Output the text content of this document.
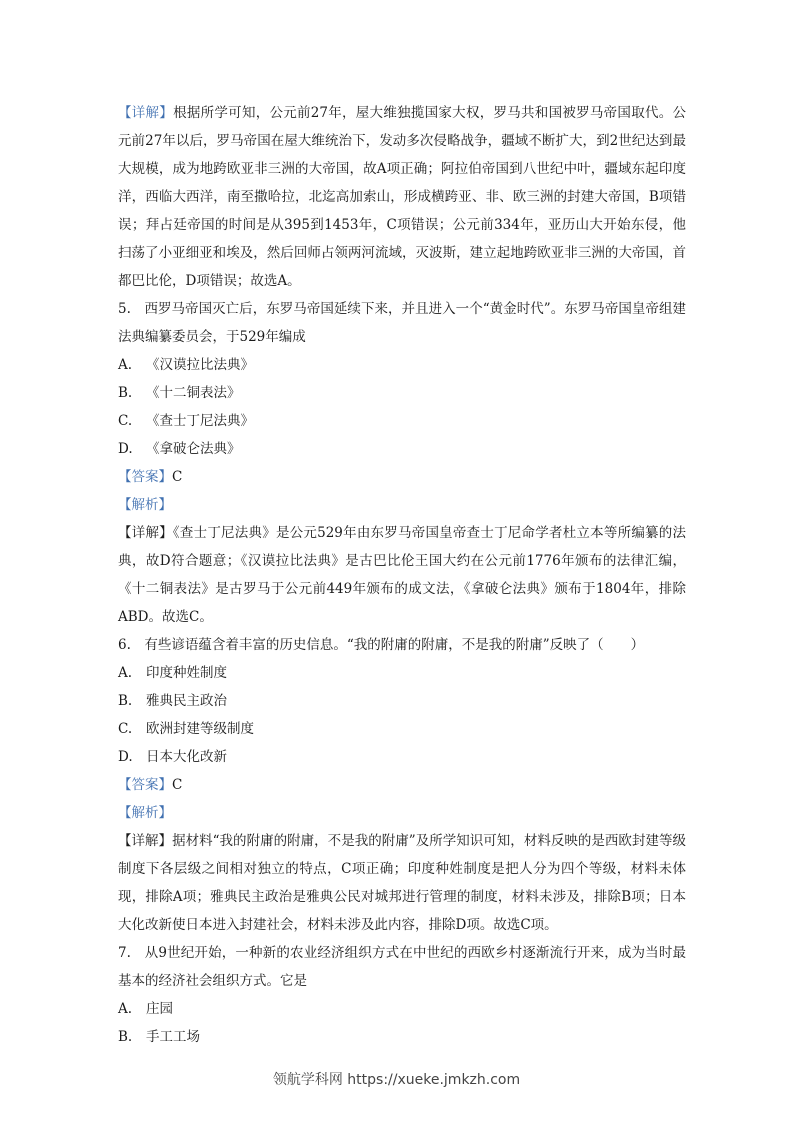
【详解】根据所学可知，公元前27年，屋大维独揽国家大权，罗马共和国被罗马帝国取代。公元前27年以后，罗马帝国在屋大维统治下，发动多次侵略战争，疆域不断扩大，到2世纪达到最大规模，成为地跨欧亚非三洲的大帝国，故A项正确；阿拉伯帝国到八世纪中叶，疆域东起印度洋，西临大西洋，南至撒哈拉，北迄高加索山，形成横跨亚、非、欧三洲的封建大帝国，B项错误；拜占廷帝国的时间是从395到1453年，C项错误；公元前334年，亚历山大开始东侵，他扫荡了小亚细亚和埃及，然后回师占领两河流域，灭波斯，建立起地跨欧亚非三洲的大帝国，首都巴比伦，D项错误；故选A。

5.　西罗马帝国灭亡后，东罗马帝国延续下来，并且进入一个“黄金时代”。东罗马帝国皇帝组建法典编纂委员会，于529年编成

A. 《汉谟拉比法典》

B. 《十二铜表法》

C. 《查士丁尼法典》

D. 《拿破仑法典》

【答案】C

【解析】

【详解】《查士丁尼法典》是公元529年由东罗马帝国皇帝查士丁尼命学者杜立本等所编纂的法典，故D符合题意；《汉谟拉比法典》是古巴比伦王国大约在公元前1776年颁布的法律汇编，《十二铜表法》是古罗马于公元前449年颁布的成文法，《拿破仑法典》颁布于1804年，排除ABD。故选C。

6.　有些谚语蕴含着丰富的历史信息。“我的附庸的附庸，不是我的附庸”反映了（　　）

A. 印度种姓制度

B. 雅典民主政治

C. 欧洲封建等级制度

D. 日本大化改新

【答案】C

【解析】

【详解】据材料“我的附庸的附庸，不是我的附庸”及所学知识可知，材料反映的是西欧封建等级制度下各层级之间相对独立的特点，C项正确；印度种姓制度是把人分为四个等级，材料未体现，排除A项；雅典民主政治是雅典公民对城邦进行管理的制度，材料未涉及，排除B项；日本大化改新使日本进入封建社会，材料未涉及此内容，排除D项。故选C项。

7.　从9世纪开始，一种新的农业经济组织方式在中世纪的西欧乡村逐渐流行开来，成为当时最基本的经济社会组织方式。它是

A. 庄园

B. 手工工场

领航学科网 https://xueke.jmkzh.com
